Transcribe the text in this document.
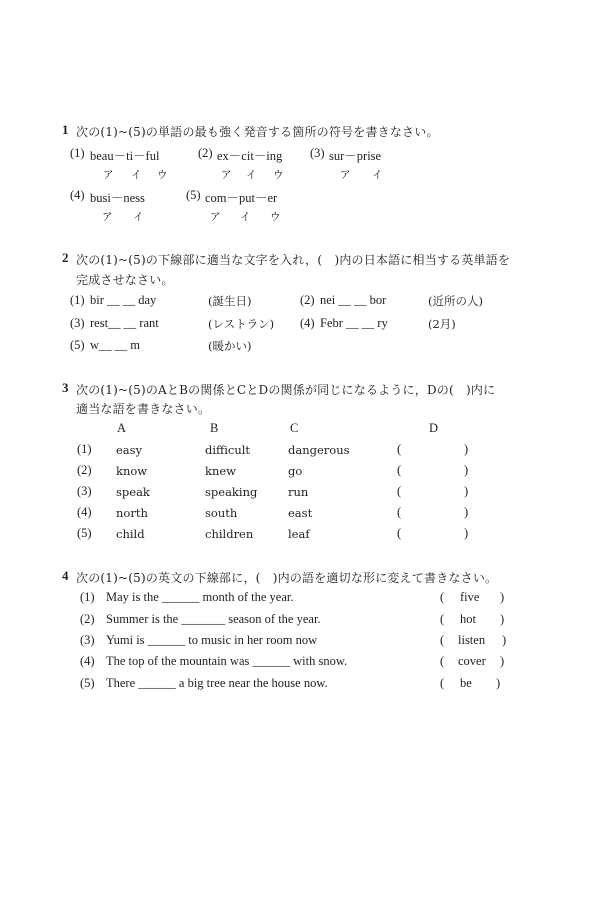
1 次の(1)~(5)の単語の最も強く発音する箇所の符号を書きなさい。
(1) beau－ti－ful
ア イ ウ
(2) ex－cit－ing
ア イ ウ
(3) sur－prise
ア イ
(4) busi－ness
ア イ
(5) com－put－er
ア イ ウ
2 次の(1)~(5)の下線部に適当な文字を入れ，(　)内の日本語に相当する英単語を
完成させなさい。
(1) bir __ __ day	(誕生日)	(2) nei __ __ bor	(近所の人)
(3) rest__ __ rant	(レストラン) (4) Febr __ __ ry	(2月)
(5) w__ __ m	(暖かい)
3 次の(1)~(5)のAとBの関係とCとDの関係が同じになるように，Dの(　)内に
適当な語を書きなさい。
A	B	C	D
(1) easy	difficult	dangerous	(	)
(2) know	knew	go	(	)
(3) speak	speaking	run	(	)
(4) north	south	east	(	)
(5) child	children	leaf	(	)
4 次の(1)~(5)の英文の下線部に，(　)内の語を適切な形に変えて書きなさい。
(1) May is the ______ month of the year.	( five )
(2) Summer is the _______ season of the year.	( hot )
(3) Yumi is ______ to music in her room now	( listen )
(4) The top of the mountain was ______ with snow.	( cover )
(5) There ______ a big tree near the house now.	( be )
